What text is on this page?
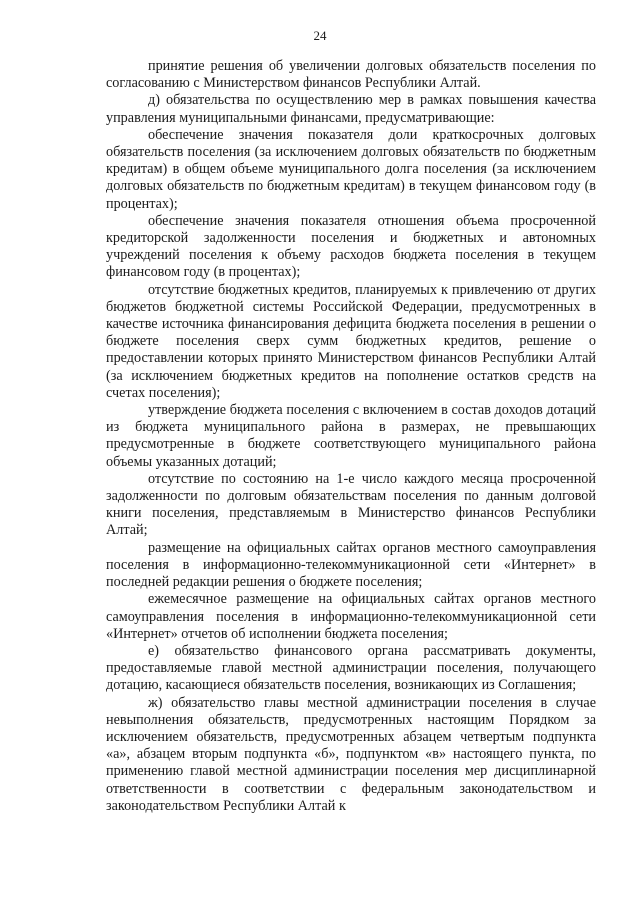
24

принятие решения об увеличении долговых обязательств поселения по согласованию с Министерством финансов Республики Алтай.

д) обязательства по осуществлению мер в рамках повышения качества управления муниципальными финансами, предусматривающие:

обеспечение значения показателя доли краткосрочных долговых обязательств поселения (за исключением долговых обязательств по бюджетным кредитам) в общем объеме муниципального долга поселения (за исключением долговых обязательств по бюджетным кредитам) в текущем финансовом году (в процентах);

обеспечение значения показателя отношения объема просроченной кредиторской задолженности поселения и бюджетных и автономных учреждений поселения к объему расходов бюджета поселения в текущем финансовом году (в процентах);

отсутствие бюджетных кредитов, планируемых к привлечению от других бюджетов бюджетной системы Российской Федерации, предусмотренных в качестве источника финансирования дефицита бюджета поселения в решении о бюджете поселения сверх сумм бюджетных кредитов, решение о предоставлении которых принято Министерством финансов Республики Алтай (за исключением бюджетных кредитов на пополнение остатков средств на счетах поселения);

утверждение бюджета поселения с включением в состав доходов дотаций из бюджета муниципального района в размерах, не превышающих предусмотренные в бюджете соответствующего муниципального района объемы указанных дотаций;

отсутствие по состоянию на 1-е число каждого месяца просроченной задолженности по долговым обязательствам поселения по данным долговой книги поселения, представляемым в Министерство финансов Республики Алтай;

размещение на официальных сайтах органов местного самоуправления поселения в информационно-телекоммуникационной сети «Интернет» в последней редакции решения о бюджете поселения;

ежемесячное размещение на официальных сайтах органов местного самоуправления поселения в информационно-телекоммуникационной сети «Интернет» отчетов об исполнении бюджета поселения;

е) обязательство финансового органа рассматривать документы, предоставляемые главой местной администрации поселения, получающего дотацию, касающиеся обязательств поселения, возникающих из Соглашения;

ж) обязательство главы местной администрации поселения в случае невыполнения обязательств, предусмотренных настоящим Порядком за исключением обязательств, предусмотренных абзацем четвертым подпункта «а», абзацем вторым подпункта «б», подпунктом «в» настоящего пункта, по применению главой местной администрации поселения мер дисциплинарной ответственности в соответствии с федеральным законодательством и законодательством Республики Алтай к
